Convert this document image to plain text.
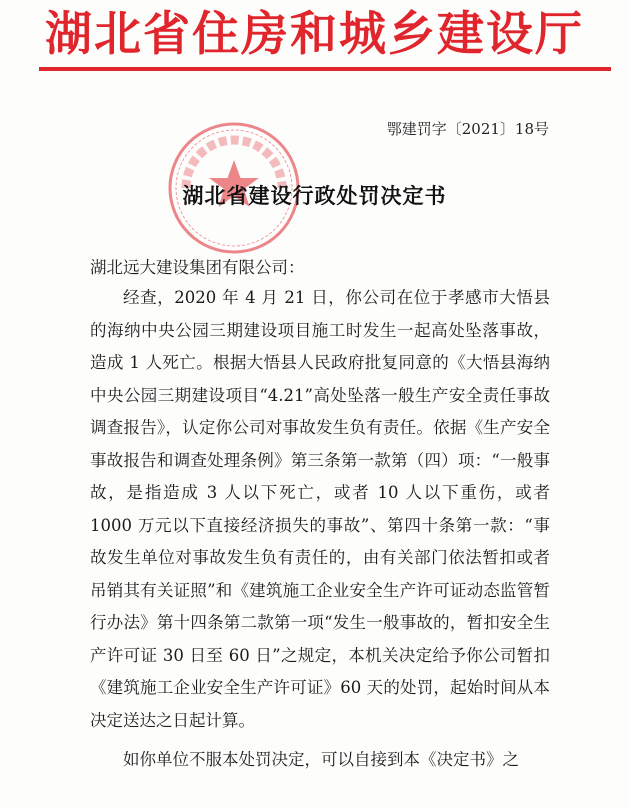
湖北省住房和城乡建设厅
鄂建罚字〔2021〕18号
湖北省建设行政处罚决定书
湖北远大建设集团有限公司：

经查，2020 年 4 月 21 日，你公司在位于孝感市大悟县的海纳中央公园三期建设项目施工时发生一起高处坠落事故，造成 1 人死亡。根据大悟县人民政府批复同意的《大悟县海纳中央公园三期建设项目“4.21”高处坠落一般生产安全责任事故调查报告》，认定你公司对事故发生负有责任。依据《生产安全事故报告和调查处理条例》第三条第一款第（四）项：“一般事故，是指造成 3 人以下死亡，或者 10 人以下重伤，或者 1000 万元以下直接经济损失的事故”、第四十条第一款：“事故发生单位对事故发生负有责任的，由有关部门依法暂扣或者吊销其有关证照”和《建筑施工企业安全生产许可证动态监管暂行办法》第十四条第二款第一项“发生一般事故的，暂扣安全生产许可证 30 日至 60 日”之规定，本机关决定给予你公司暂扣《建筑施工企业安全生产许可证》60 天的处罚，起始时间从本决定送达之日起计算。

如你单位不服本处罚决定，可以自接到本《决定书》之
